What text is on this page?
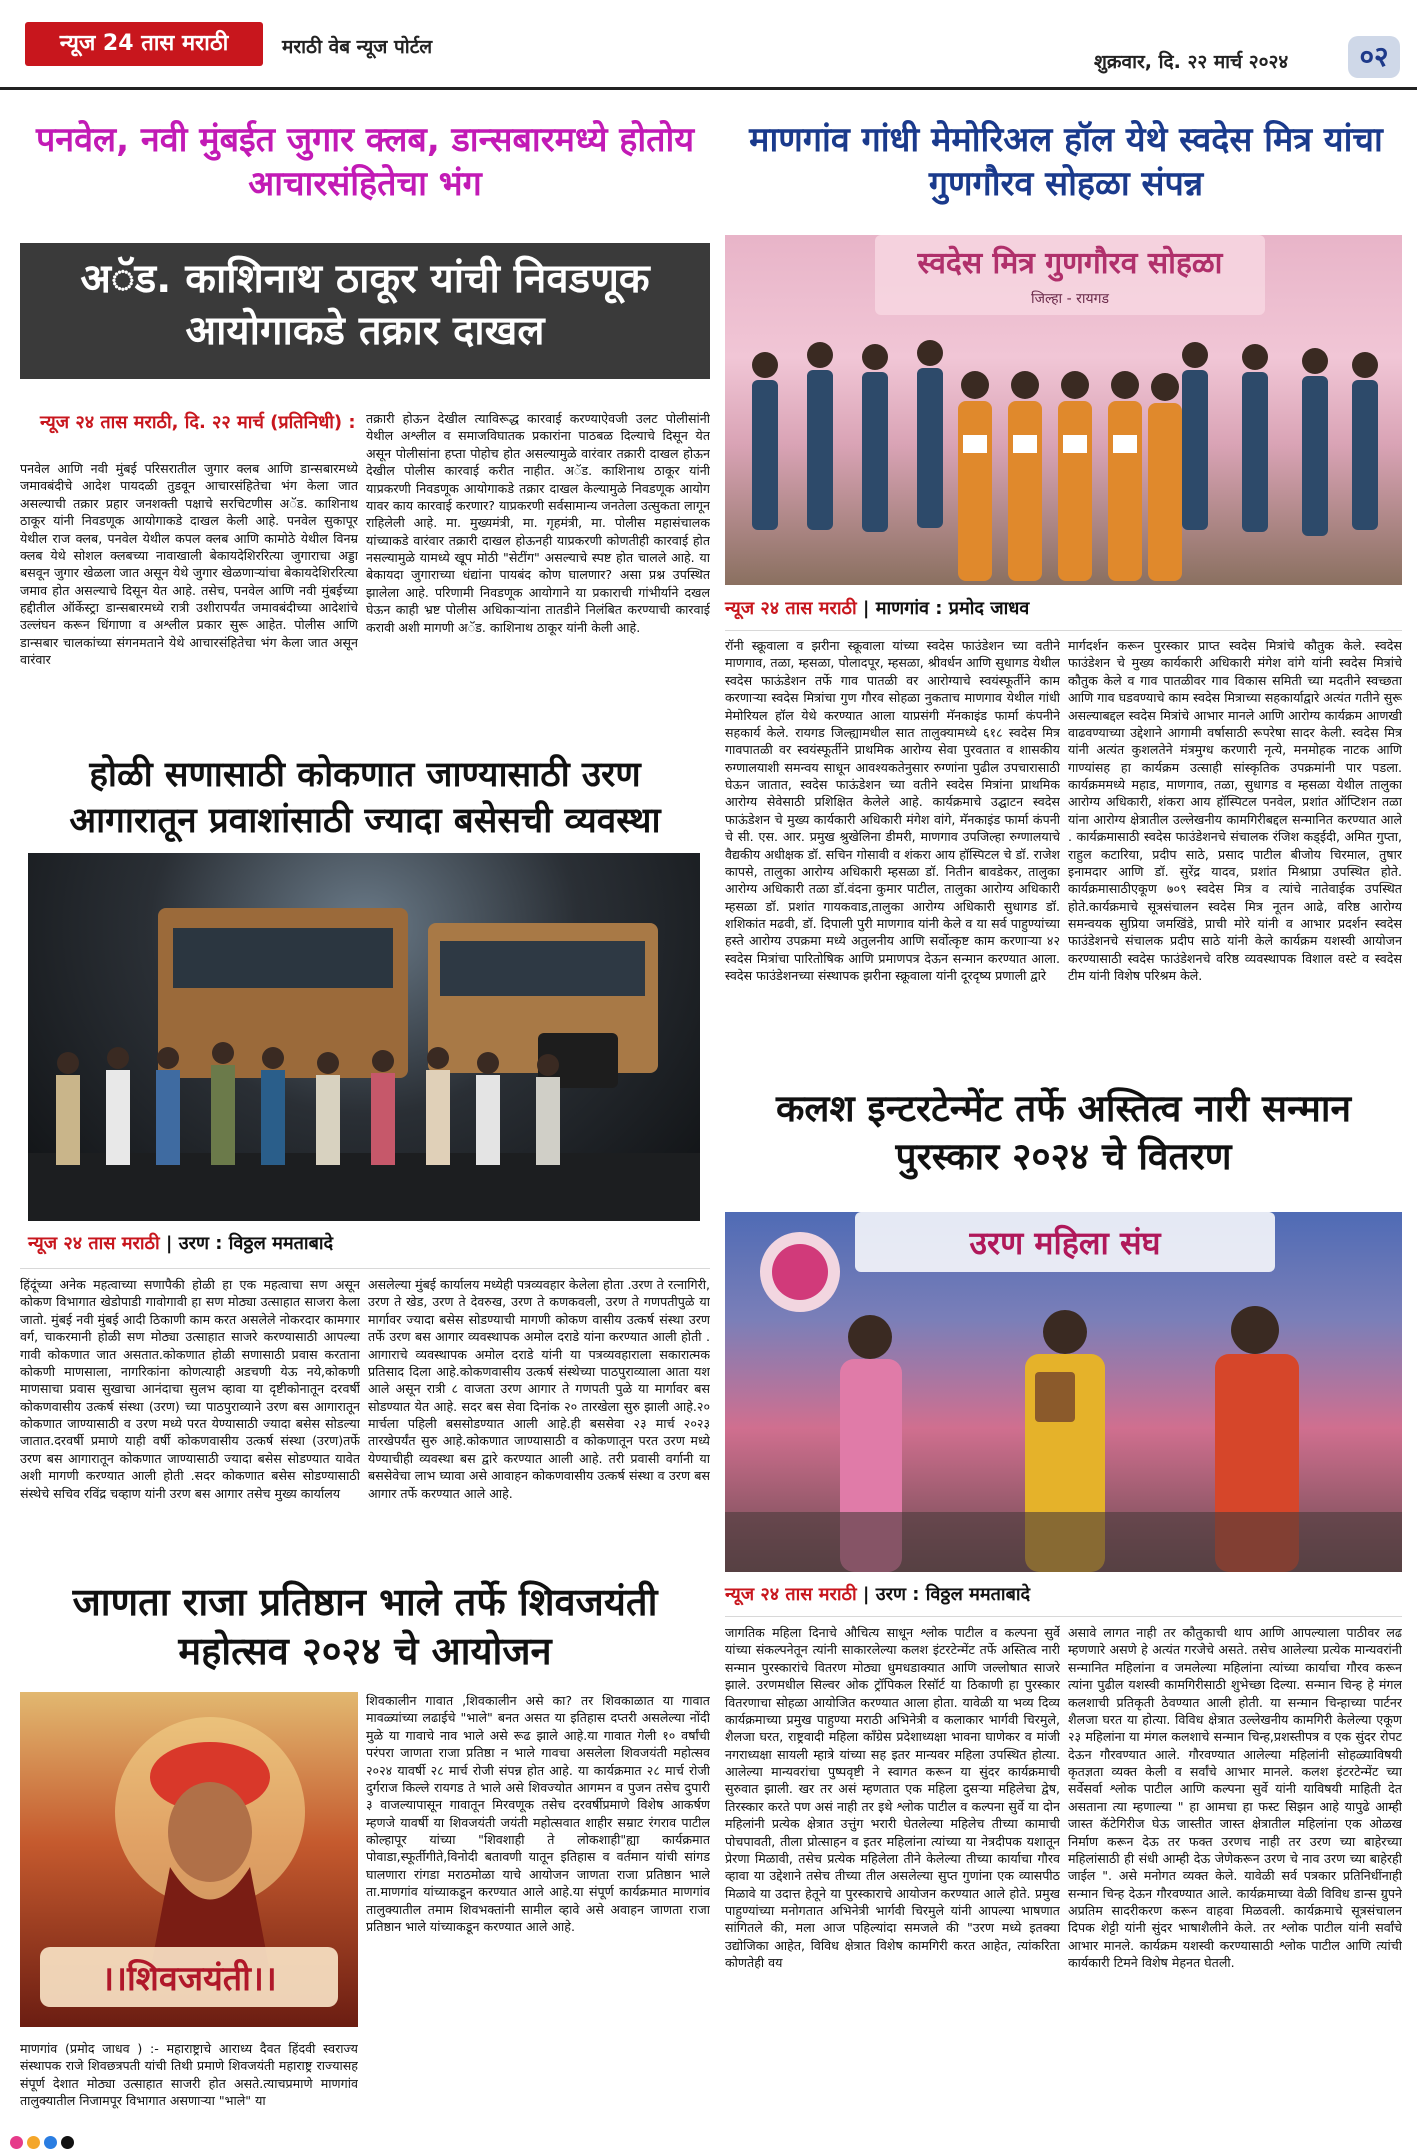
न्यूज 24 तास मराठी	मराठी वेब न्यूज पोर्टल
शुक्रवार, दि. २२ मार्च २०२४	०२
पनवेल, नवी मुंबईत जुगार क्लब, डान्सबारमध्ये होतोय आचारसंहितेचा भंग
अॅड. काशिनाथ ठाकूर यांची निवडणूक आयोगाकडे तक्रार दाखल
न्यूज २४ तास मराठी, दि. २२ मार्च (प्रतिनिधी) :
पनवेल आणि नवी मुंबई परिसरातील जुगार क्लब आणि डान्सबारमध्ये जमावबंदीचे आदेश पायदळी तुडवून आचारसंहितेचा भंग केला जात असल्याची तक्रार प्रहार जनशक्ती पक्षाचे सरचिटणीस अॅड. काशिनाथ ठाकूर यांनी निवडणूक आयोगाकडे दाखल केली आहे. पनवेल सुकापूर येथील राज क्लब, पनवेल येथील कपल क्लब आणि कामोठे येथील विनम्र क्लब येथे सोशल क्लबच्या नावाखाली बेकायदेशिररित्या जुगाराचा अड्डा बसवून जुगार खेळला जात असून येथे जुगार खेळणाऱ्यांचा बेकायदेशिररित्या जमाव होत असल्याचे दिसून येत आहे. तसेच, पनवेल आणि नवी मुंबईच्या हद्दीतील ऑर्केस्ट्रा डान्सबारमध्ये रात्री उशीरापर्यंत जमावबंदीच्या आदेशांचे उल्लंघन करून धिंगाणा व अश्लील प्रकार सुरू आहेत. पोलीस आणि डान्सबार चालकांच्या संगनमताने येथे आचारसंहितेचा भंग केला जात असून वारंवार
तक्रारी होऊन देखील त्याविरूद्ध कारवाई करण्याऐवजी उलट पोलीसांनी येथील अश्लील व समाजविघातक प्रकारांना पाठबळ दिल्याचे दिसून येत असून पोलीसांना हप्ता पोहोच होत असल्यामुळे वारंवार तक्रारी दाखल होऊन देखील पोलीस कारवाई करीत नाहीत. अॅड. काशिनाथ ठाकूर यांनी याप्रकरणी निवडणूक आयोगाकडे तक्रार दाखल केल्यामुळे निवडणूक आयोग यावर काय कारवाई करणार? याप्रकरणी सर्वसामान्य जनतेला उत्सुकता लागून राहिलेली आहे. मा. मुख्यमंत्री, मा. गृहमंत्री, मा. पोलीस महासंचालक यांच्याकडे वारंवार तक्रारी दाखल होऊनही याप्रकरणी कोणतीही कारवाई होत नसल्यामुळे यामध्ये खूप मोठी "सेटींग" असल्याचे स्पष्ट होत चालले आहे. या बेकायदा जुगाराच्या धंद्यांना पायबंद कोण घालणार? असा प्रश्न उपस्थित झालेला आहे. परिणामी निवडणूक आयोगाने या प्रकाराची गांभीर्याने दखल घेऊन काही भ्रष्ट पोलीस अधिकाऱ्यांना तातडीने निलंबित करण्याची कारवाई करावी अशी मागणी अॅड. काशिनाथ ठाकूर यांनी केली आहे.
माणगांव गांधी मेमोरिअल हॉल येथे स्वदेस मित्र यांचा गुणगौरव सोहळा संपन्न
स्वदेस मित्र गुणगौरव सोहळा
जिल्हा - रायगड
न्यूज २४ तास मराठी | माणगांव : प्रमोद जाधव
रॉनी स्क्रूवाला व झरीना स्क्रूवाला यांच्या स्वदेस फाउंडेशन च्या वतीने माणगाव, तळा, म्हसळा, पोलादपूर, म्हसळा, श्रीवर्धन आणि सुधागड येथील स्वदेस फाऊंडेशन तर्फे गाव पातळी वर आरोग्याचे स्वयंस्फूर्तीने काम करणाऱ्या स्वदेस मित्रांचा गुण गौरव सोहळा नुकताच माणगाव येथील गांधी मेमोरियल हॉल येथे करण्यात आला याप्रसंगी मॅनकाइंड फार्मा कंपनीने सहकार्य केले. रायगड जिल्ह्यामधील सात तालुक्यामध्ये ६१८ स्वदेस मित्र गावपातळी वर स्वयंस्फूर्तीने प्राथमिक आरोग्य सेवा पुरवतात व शासकीय रुग्णालयाशी समन्वय साधून आवश्यकतेनुसार रुग्णांना पुढील उपचारासाठी घेऊन जातात, स्वदेस फाऊंडेशन च्या वतीने स्वदेस मित्रांना प्राथमिक आरोग्य सेवेसाठी प्रशिक्षित केलेले आहे. कार्यक्रमाचे उद्घाटन स्वदेस फाऊंडेशन चे मुख्य कार्यकारी अधिकारी मंगेश वांगे, मॅनकाइंड फार्मा कंपनी चे सी. एस. आर. प्रमुख श्रुखेलिना डीमरी, माणगाव उपजिल्हा रुग्णालयाचे वैद्यकीय अधीक्षक डॉ. सचिन गोसावी व शंकरा आय हॉस्पिटल चे डॉ. राजेश कापसे, तालुका आरोग्य अधिकारी म्हसळा डॉ. नितीन बावडेकर, तालुका आरोग्य अधिकारी तळा डॉ.वंदना कुमार पाटील, तालुका आरोग्य अधिकारी म्हसळा डॉ. प्रशांत गायकवाड,तालुका आरोग्य अधिकारी सुधागड डॉ. शशिकांत मढवी, डॉ. दिपाली पुरी माणगाव यांनी केले व या सर्व पाहुण्यांच्या हस्ते आरोग्य उपक्रमा मध्ये अतुलनीय आणि सर्वोत्कृष्ट काम करणाऱ्या ४२ स्वदेस मित्रांचा पारितोषिक आणि प्रमाणपत्र देऊन सन्मान करण्यात आला. स्वदेस फाउंडेशनच्या संस्थापक झरीना स्क्रूवाला यांनी दूरदृष्य प्रणाली द्वारे
मार्गदर्शन करून पुरस्कार प्राप्त स्वदेस मित्रांचे कौतुक केले. स्वदेस फाउंडेशन चे मुख्य कार्यकारी अधिकारी मंगेश वांगे यांनी स्वदेस मित्रांचे कौतुक केले व गाव पातळीवर गाव विकास समिती च्या मदतीने स्वच्छता आणि गाव घडवण्याचे काम स्वदेस मित्राच्या सहकार्याद्वारे अत्यंत गतीने सुरू असल्याबद्दल स्वदेस मित्रांचे आभार मानले आणि आरोग्य कार्यक्रम आणखी वाढवण्याच्या उद्देशाने आगामी वर्षासाठी रूपरेषा सादर केली. स्वदेस मित्र यांनी अत्यंत कुशलतेने मंत्रमुग्ध करणारी नृत्ये, मनमोहक नाटक आणि गाण्यांसह हा कार्यक्रम उत्साही सांस्कृतिक उपक्रमांनी पार पडला. कार्यक्रममध्ये महाड, माणगाव, तळा, सुधागड व म्हसळा येथील तालुका आरोग्य अधिकारी, शंकरा आय हॉस्पिटल पनवेल, प्रशांत ऑप्टिशन तळा यांना आरोग्य क्षेत्रातील उल्लेखनीय कामगिरीबद्दल सन्मानित करण्यात आले . कार्यक्रमासाठी स्वदेस फाउंडेशनचे संचालक रंजिश कड्ईदी, अमित गुप्ता, राहुल कटारिया, प्रदीप साठे, प्रसाद पाटील बीजोय चिरमाल, तुषार इनामदार आणि डॉ. सुरेंद्र यादव, प्रशांत मिश्राप्रा उपस्थित होते. कार्यक्रमासाठीएकूण ७०९ स्वदेस मित्र व त्यांचे नातेवाईक उपस्थित होते.कार्यक्रमाचे सूत्रसंचालन स्वदेस मित्र नूतन आढे, वरिष्ठ आरोग्य समन्वयक सुप्रिया जमखिंडे, प्राची मोरे यांनी व आभार प्रदर्शन स्वदेस फाउंडेशनचे संचालक प्रदीप साठे यांनी केले कार्यक्रम यशस्वी आयोजन करण्यासाठी स्वदेस फाउंडेशनचे वरिष्ठ व्यवस्थापक विशाल वस्टे व स्वदेस टीम यांनी विशेष परिश्रम केले.
होळी सणासाठी कोकणात जाण्यासाठी उरण आगारातून प्रवाशांसाठी ज्यादा बसेसची व्यवस्था
न्यूज २४ तास मराठी | उरण : विठ्ठल ममताबादे
हिंदूंच्या अनेक महत्वाच्या सणापैकी होळी हा एक महत्वाचा सण असून कोकण विभागात खेडोपाडी गावोगावी हा सण मोठ्या उत्साहात साजरा केला जातो. मुंबई नवी मुंबई आदी ठिकाणी काम करत असलेले नोकरदार कामगार वर्ग, चाकरमानी होळी सण मोठ्या उत्साहात साजरे करण्यासाठी आपल्या गावी कोकणात जात असतात.कोकणात होळी सणासाठी प्रवास करताना कोकणी माणसाला, नागरिकांना कोणत्याही अडचणी येऊ नये,कोकणी माणसाचा प्रवास सुखाचा आनंदाचा सुलभ व्हावा या दृष्टीकोनातून दरवर्षी कोकणवासीय उत्कर्ष संस्था (उरण) च्या पाठपुराव्याने उरण बस आगारातून कोकणात जाण्यासाठी व उरण मध्ये परत येण्यासाठी ज्यादा बसेस सोडल्या जातात.दरवर्षी प्रमाणे याही वर्षी कोकणवासीय उत्कर्ष संस्था (उरण)तर्फे उरण बस आगारातून कोकणात जाण्यासाठी ज्यादा बसेस सोडण्यात यावेत अशी मागणी करण्यात आली होती .सदर कोकणात बसेस सोडण्यासाठी संस्थेचे सचिव रविंद्र चव्हाण यांनी उरण बस आगार तसेच मुख्य कार्यालय
असलेल्या मुंबई कार्यालय मध्येही पत्रव्यवहार केलेला होता .उरण ते रत्नागिरी, उरण ते खेड, उरण ते देवरुख, उरण ते कणकवली, उरण ते गणपतीपुळे या मार्गावर ज्यादा बसेस सोडण्याची मागणी कोकण वासीय उत्कर्ष संस्था उरण तर्फे उरण बस आगार व्यवस्थापक अमोल दराडे यांना करण्यात आली होती . आगाराचे व्यवस्थापक अमोल दराडे यांनी या पत्रव्यवहाराला सकारात्मक प्रतिसाद दिला आहे.कोकणवासीय उत्कर्ष संस्थेच्या पाठपुराव्याला आता यश आले असून रात्री ८ वाजता उरण आगार ते गणपती पुळे या मार्गावर बस सोडण्यात येत आहे. सदर बस सेवा दिनांक २० तारखेला सुरु झाली आहे.२० मार्चला पहिली बससोडण्यात आली आहे.ही बससेवा २३ मार्च २०२३ तारखेपर्यंत सुरु आहे.कोकणात जाण्यासाठी व कोकणातून परत उरण मध्ये येण्याचीही व्यवस्था बस द्वारे करण्यात आली आहे. तरी प्रवासी वर्गानी या बससेवेचा लाभ घ्यावा असे आवाहन कोकणवासीय उत्कर्ष संस्था व उरण बस आगार तर्फे करण्यात आले आहे.
कलश इन्टरटेन्मेंट तर्फे अस्तित्व नारी सन्मान पुरस्कार २०२४ चे वितरण
उरण महिला संघ
न्यूज २४ तास मराठी | उरण : विठ्ठल ममताबादे
जागतिक महिला दिनाचे औचित्य साधून श्लोक पाटील व कल्पना सुर्वे यांच्या संकल्पनेतून त्यांनी साकारलेल्या कलश इंटरटेन्मेंट तर्फे अस्तित्व नारी सन्मान पुरस्कारांचे वितरण मोठ्या धुमधडाक्यात आणि जल्लोषात साजरे झाले. उरणमधील सिल्वर ओक ट्रॉपिकल रिसॉर्ट या ठिकाणी हा पुरस्कार वितरणाचा सोहळा आयोजित करण्यात आला होता. यावेळी या भव्य दिव्य कार्यक्रमाच्या प्रमुख पाहुण्या मराठी अभिनेत्री व कलाकार भार्गवी चिरमुले, शैलजा घरत, राष्ट्रवादी महिला काँग्रेस प्रदेशाध्यक्षा भावना घाणेकर व मांजी नगराध्यक्षा सायली म्हात्रे यांच्या सह इतर मान्यवर महिला उपस्थित होत्या. आलेल्या मान्यवरांचा पुष्पवृष्टी ने स्वागत करून या सुंदर कार्यक्रमाची सुरुवात झाली. खर तर असं म्हणतात एक महिला दुसऱ्या महिलेचा द्वेष, तिरस्कार करते पण असं नाही तर इथे श्लोक पाटील व कल्पना सुर्वे या दोन महिलांनी प्रत्येक क्षेत्रात उत्तुंग भरारी घेतलेल्या महिलेच तीच्या कामाची पोचपावती, तीला प्रोत्साहन व इतर महिलांना त्यांच्या या नेत्रदीपक यशातून प्रेरणा मिळावी, तसेच प्रत्येक महिलेला तीने केलेल्या तीच्या कार्याचा गौरव व्हावा या उद्देशाने तसेच तीच्या तील असलेल्या सुप्त गुणांना एक व्यासपीठ मिळावे या उदात्त हेतूने या पुरस्काराचे आयोजन करण्यात आले होते. प्रमुख पाहुण्यांच्या मनोगतात अभिनेत्री भार्गवी चिरमुले यांनी आपल्या भाषणात सांगितले की, मला आज पहिल्यांदा समजले की "उरण मध्ये इतक्या उद्योजिका आहेत, विविध क्षेत्रात विशेष कामगिरी करत आहेत, त्यांकरिता कोणतेही वय
असावे लागत नाही तर कौतुकाची थाप आणि आपल्याला पाठीवर लढ म्हणणारे असणे हे अत्यंत गरजेचे असते. तसेच आलेल्या प्रत्येक मान्यवरांनी सन्मानित महिलांना व जमलेल्या महिलांना त्यांच्या कार्याचा गौरव करून त्यांना पुढील यशस्वी कामगिरीसाठी शुभेच्छा दिल्या. सन्मान चिन्ह हे मंगल कलशाची प्रतिकृती ठेवण्यात आली होती. या सन्मान चिन्हाच्या पार्टनर शैलजा घरत या होत्या. विविध क्षेत्रात उल्लेखनीय कामगिरी केलेल्या एकूण २३ महिलांना या मंगल कलशाचे सन्मान चिन्ह,प्रशस्तीपत्र व एक सुंदर रोपट देऊन गौरवण्यात आले. गौरवण्यात आलेल्या महिलांनी सोहळ्याविषयी कृतज्ञता व्यक्त केली व सर्वांचे आभार मानले. कलश इंटरटेन्मेंट च्या सर्वेसर्वा श्लोक पाटील आणि कल्पना सुर्वे यांनी याविषयी माहिती देत असताना त्या म्हणाल्या " हा आमचा हा फस्ट सिझन आहे यापुढे आम्ही जास्त कॅटेगिरीज घेऊ जास्तीत जास्त क्षेत्रातील महिलांना एक ओळख निर्माण करून देऊ तर फक्त उरणच नाही तर उरण च्या बाहेरच्या महिलांसाठी ही संधी आम्ही देऊ जेणेकरून उरण चे नाव उरण च्या बाहेरही जाईल ". असे मनोगत व्यक्त केले. यावेळी सर्व पत्रकार प्रतिनिधींनाही सन्मान चिन्ह देऊन गौरवण्यात आले. कार्यक्रमाच्या वेळी विविध डान्स ग्रुपने अप्रतिम सादरीकरण करून वाहवा मिळवली. कार्यक्रमाचे सूत्रसंचालन दिपक शेट्टी यांनी सुंदर भाषाशैलीने केले. तर श्लोक पाटील यांनी सर्वांचे आभार मानले. कार्यक्रम यशस्वी करण्यासाठी श्लोक पाटील आणि त्यांची कार्यकारी टिमने विशेष मेहनत घेतली.
जाणता राजा प्रतिष्ठान भाले तर्फे शिवजयंती महोत्सव २०२४ चे आयोजन
।।शिवजयंती।।
माणगांव (प्रमोद जाधव ) :- महाराष्ट्राचे आराध्य दैवत हिंदवी स्वराज्य संस्थापक राजे शिवछत्रपती यांची तिथी प्रमाणे शिवजयंती महाराष्ट्र राज्यासह संपूर्ण देशात मोठ्या उत्साहात साजरी होत असते.त्याचप्रमाणे माणगांव तालुक्यातील निजामपूर विभागात असणाऱ्या "भाले" या
शिवकालीन गावात ,शिवकालीन असे का? तर शिवकाळात या गावात मावळ्यांच्या लढाईचे "भाले" बनत असत या इतिहास दप्तरी असलेल्या नोंदी मुळे या गावाचे नाव भाले असे रूढ झाले आहे.या गावात गेली १० वर्षांची परंपरा जाणता राजा प्रतिष्ठा न भाले गावचा असलेला शिवजयंती महोत्सव २०२४ यावर्षी २८ मार्च रोजी संपन्न होत आहे. या कार्यक्रमात २८ मार्च रोजी दुर्गराज किल्ले रायगड ते भाले असे शिवज्योत आगमन व पुजन तसेच दुपारी ३ वाजल्यापासून गावातून मिरवणूक तसेच दरवर्षीप्रमाणे विशेष आकर्षण म्हणजे यावर्षी या शिवजयंती जयंती महोत्सवात शाहीर सम्राट रंगराव पाटील कोल्हापूर यांच्या "शिवशाही ते लोकशाही"ह्या कार्यक्रमात पोवाडा,स्फूर्तीगीते,विनोदी बतावणी यातून इतिहास व वर्तमान यांची सांगड घालणारा रांगडा मराठमोळा याचे आयोजन जाणता राजा प्रतिष्ठान भाले ता.माणगांव यांच्याकडून करण्यात आले आहे.या संपूर्ण कार्यक्रमात माणगांव तालुक्यातील तमाम शिवभक्तांनी सामील व्हावे असे अवाहन जाणता राजा प्रतिष्ठान भाले यांच्याकडून करण्यात आले आहे.
